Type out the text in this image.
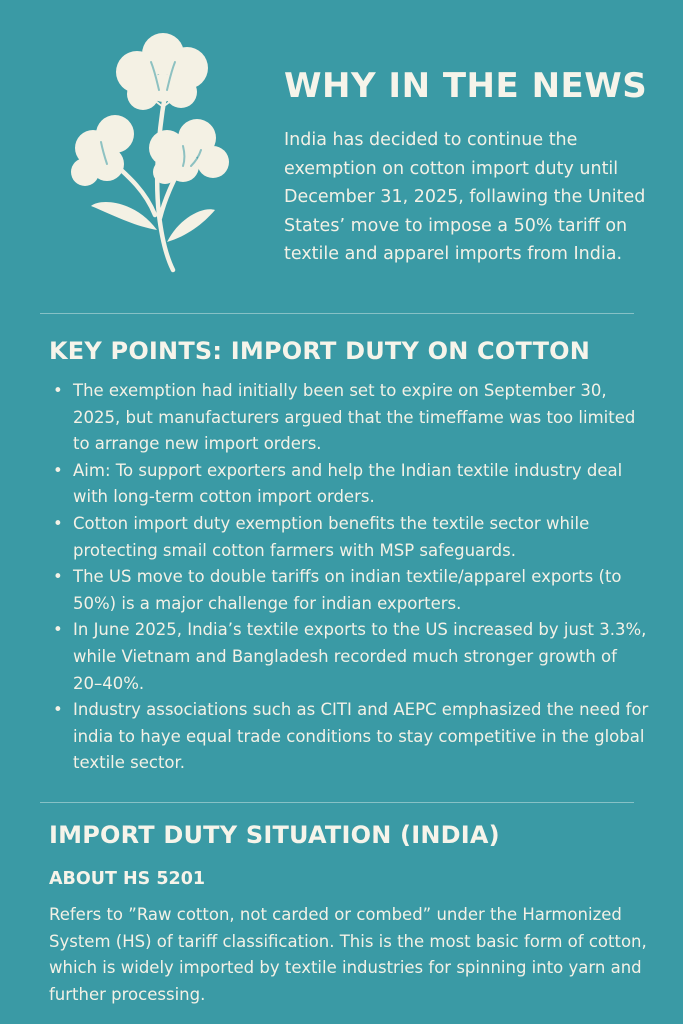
WHY IN THE NEWS

India has decided to continue the exemption on cotton import duty until December 31, 2025, follawing the United States’ move to impose a 50% tariff on textile and apparel imports from India.

KEY POINTS: IMPORT DUTY ON COTTON
• The exemption had initially been set to expire on September 30, 2025, but manufacturers argued that the timeffame was too limited to arrange new import orders.
• Aim: To support exporters and help the Indian textile industry deal with long-term cotton import orders.
• Cotton import duty exemption benefits the textile sector while protecting smail cotton farmers with MSP safeguards.
• The US move to double tariffs on indian textile/apparel exports (to 50%) is a major challenge for indian exporters.
• In June 2025, India’s textile exports to the US increased by just 3.3%, while Vietnam and Bangladesh recorded much stronger growth of 20–40%.
• Industry associations such as CITI and AEPC emphasized the need for india to haye equal trade conditions to stay competitive in the global textile sector.
IMPORT DUTY SITUATION (INDIA)
ABOUT HS 5201

Refers to ”Raw cotton, not carded or combed” under the Harmonized System (HS) of tariff classification. This is the most basic form of cotton, which is widely imported by textile industries for spinning into yarn and further processing.
